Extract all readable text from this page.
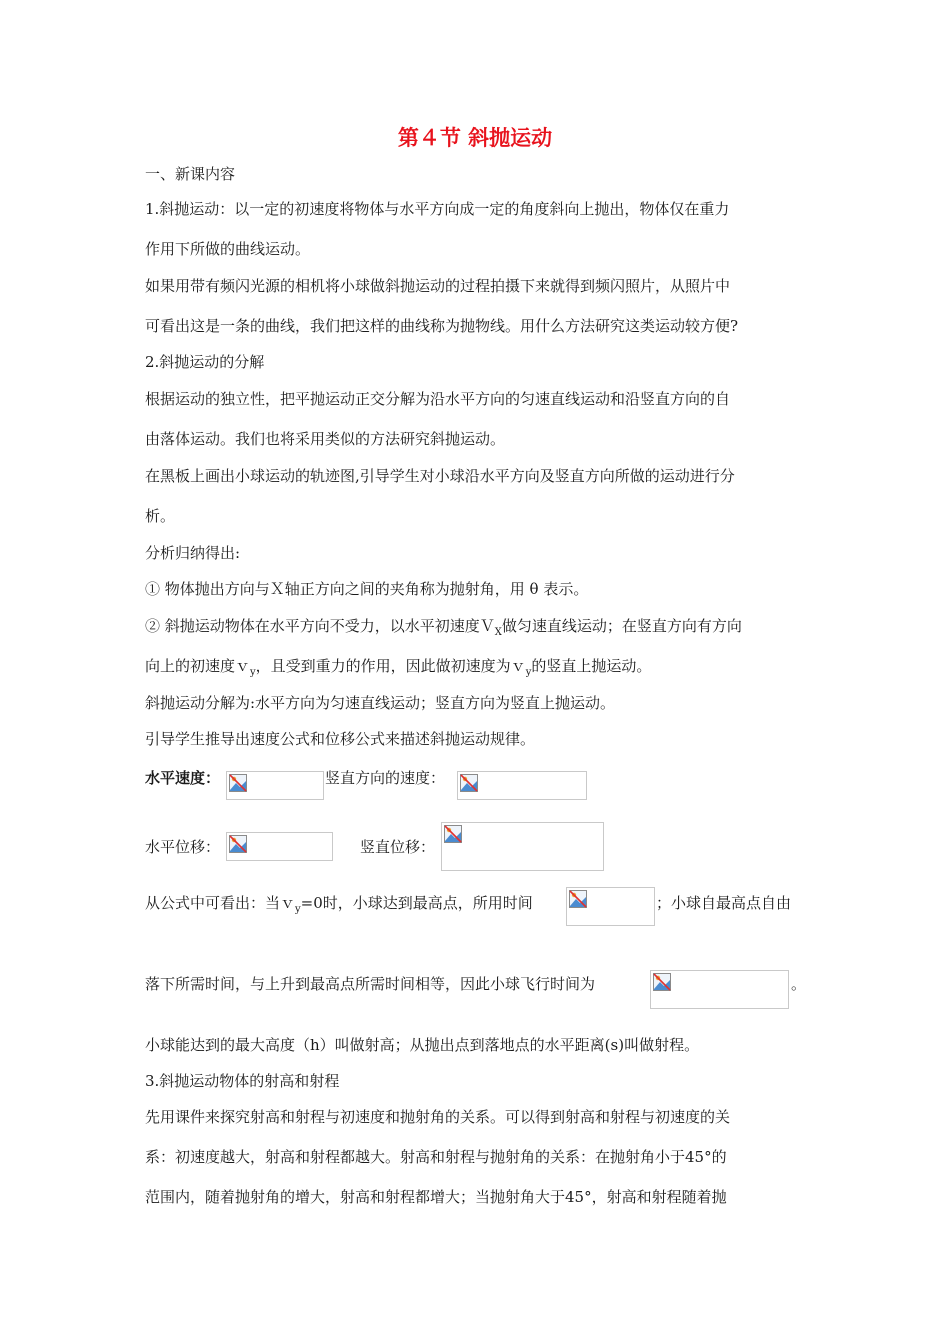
第４节 斜抛运动
一、新课内容
1.斜抛运动：以一定的初速度将物体与水平方向成一定的角度斜向上抛出，物体仅在重力
作用下所做的曲线运动。
如果用带有频闪光源的相机将小球做斜抛运动的过程拍摄下来就得到频闪照片，从照片中
可看出这是一条的曲线，我们把这样的曲线称为抛物线。用什么方法研究这类运动较方便?
2.斜抛运动的分解
根据运动的独立性，把平抛运动正交分解为沿水平方向的匀速直线运动和沿竖直方向的自
由落体运动。我们也将采用类似的方法研究斜抛运动。
在黑板上画出小球运动的轨迹图,引导学生对小球沿水平方向及竖直方向所做的运动进行分
析。
分析归纳得出:
① 物体抛出方向与Ｘ轴正方向之间的夹角称为抛射角，用 θ 表示。
② 斜抛运动物体在水平方向不受力，以水平初速度Ｖ$_X$做匀速直线运动；在竖直方向有方向
向上的初速度ｖ$_y$，且受到重力的作用，因此做初速度为ｖ$_y$的竖直上抛运动。
斜抛运动分解为:水平方向为匀速直线运动；竖直方向为竖直上抛运动。
引导学生推导出速度公式和位移公式来描述斜抛运动规律。
水平速度：	竖直方向的速度：
水平位移：	竖直位移：
从公式中可看出：当ｖ$_y$=0时，小球达到最高点，所用时间	；小球自最高点自由
落下所需时间，与上升到最高点所需时间相等，因此小球飞行时间为	。
小球能达到的最大高度（h）叫做射高；从抛出点到落地点的水平距离(s)叫做射程。
3.斜抛运动物体的射高和射程
先用课件来探究射高和射程与初速度和抛射角的关系。可以得到射高和射程与初速度的关
系：初速度越大，射高和射程都越大。射高和射程与抛射角的关系：在抛射角小于45°的
范围内，随着抛射角的增大，射高和射程都增大；当抛射角大于45°，射高和射程随着抛
